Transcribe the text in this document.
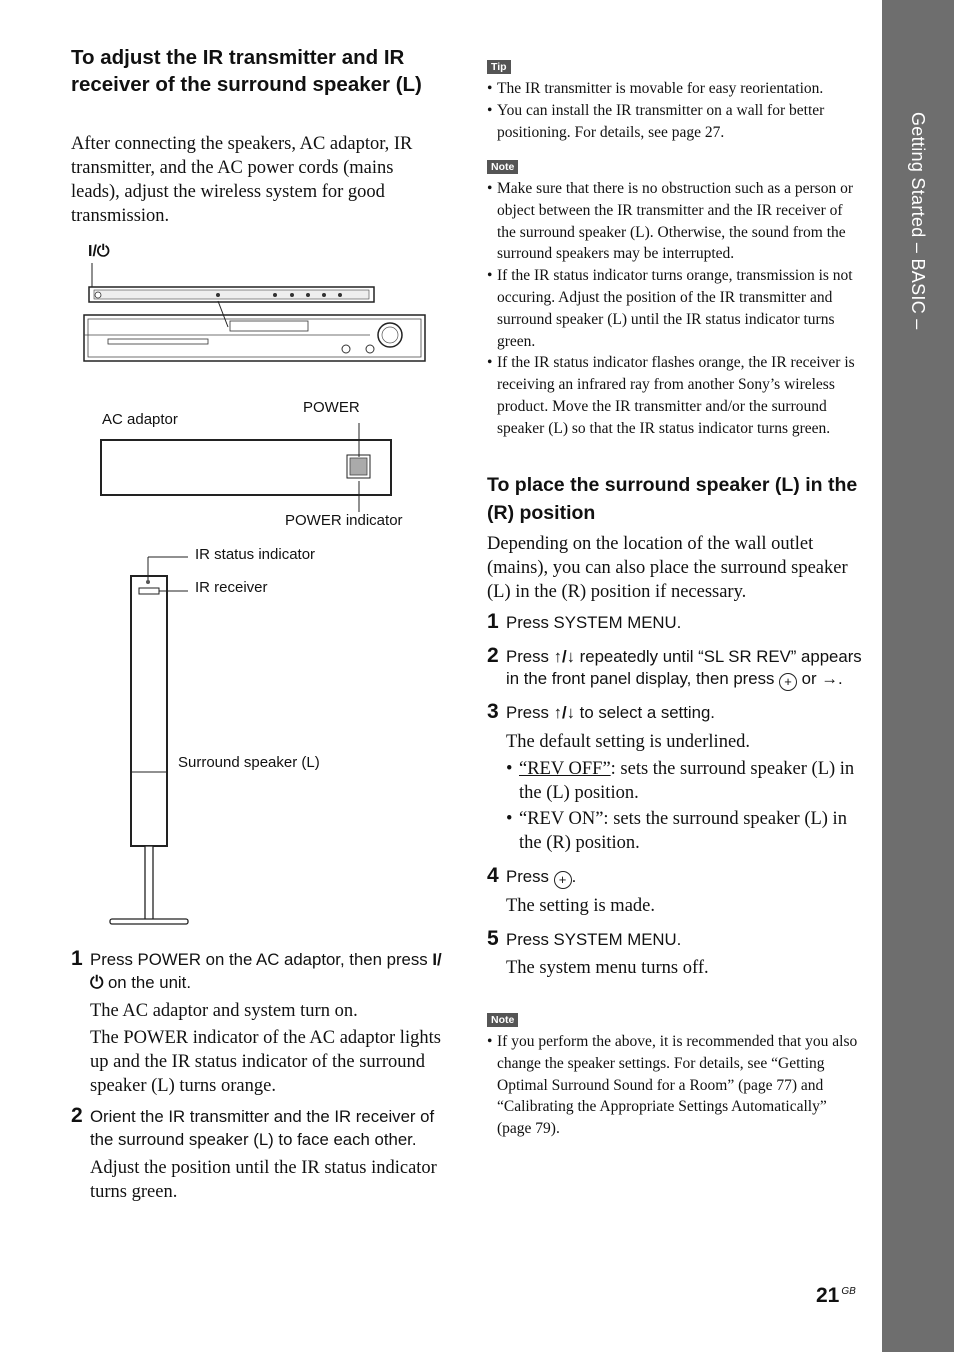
Getting Started – BASIC –
To adjust the IR transmitter and IR receiver of the surround speaker (L)
After connecting the speakers, AC adaptor, IR transmitter, and the AC power cords (mains leads), adjust the wireless system for good transmission.
I/⏻
AC adaptor
POWER
POWER indicator
IR status indicator
IR receiver
Surround speaker (L)
1 Press POWER on the AC adaptor, then press I/⏻ on the unit.
The AC adaptor and system turn on.
The POWER indicator of the AC adaptor lights up and the IR status indicator of the surround speaker (L) turns orange.
2 Orient the IR transmitter and the IR receiver of the surround speaker (L) to face each other.
Adjust the position until the IR status indicator turns green.
Tip
• The IR transmitter is movable for easy reorientation.
• You can install the IR transmitter on a wall for better positioning. For details, see page 27.
Note
• Make sure that there is no obstruction such as a person or object between the IR transmitter and the IR receiver of the surround speaker (L). Otherwise, the sound from the surround speakers may be interrupted.
• If the IR status indicator turns orange, transmission is not occuring. Adjust the position of the IR transmitter and surround speaker (L) until the IR status indicator turns green.
• If the IR status indicator flashes orange, the IR receiver is receiving an infrared ray from another Sony’s wireless product. Move the IR transmitter and/or the surround speaker (L) so that the IR status indicator turns green.
To place the surround speaker (L) in the (R) position
Depending on the location of the wall outlet (mains), you can also place the surround speaker (L) in the (R) position if necessary.
1 Press SYSTEM MENU.
2 Press ↑/↓ repeatedly until “SL SR REV” appears in the front panel display, then press + or →.
3 Press ↑/↓ to select a setting.
The default setting is underlined.
• “REV OFF”: sets the surround speaker (L) in the (L) position.
• “REV ON”: sets the surround speaker (L) in the (R) position.
4 Press + .
The setting is made.
5 Press SYSTEM MENU.
The system menu turns off.
Note
• If you perform the above, it is recommended that you also change the speaker settings. For details, see “Getting Optimal Surround Sound for a Room” (page 77) and “Calibrating the Appropriate Settings Automatically” (page 79).
21 $^{GB}$
